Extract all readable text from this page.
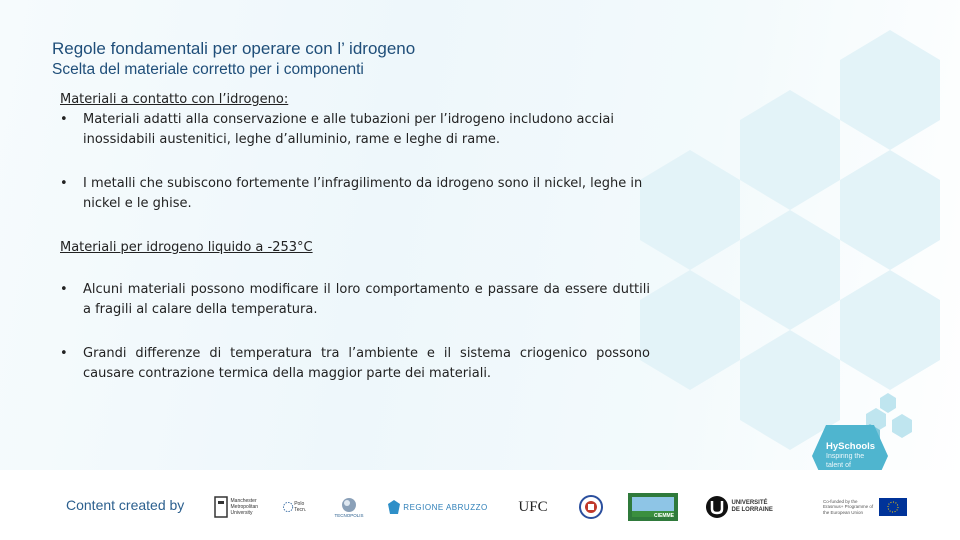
HySchools
Inspiring the talent of
Regole fondamentali per operare con l’ idrogeno
Scelta del materiale corretto per i componenti
Materiali a contatto con l’idrogeno:
• Materiali adatti alla conservazione e alle tubazioni per l’idrogeno includono acciai inossidabili austenitici, leghe d’alluminio, rame e leghe di rame.
• I metalli che subiscono fortemente l’infragilimento da idrogeno sono il nickel, leghe in nickel e le ghise.
Materiali per idrogeno liquido a -253°C
• Alcuni materiali possono modificare il loro comportamento e passare da essere duttili a fragili al calare della temperatura.
• Grandi differenze di temperatura tra l’ambiente e il sistema criogenico possono causare contrazione termica della maggior parte dei materiali.
Content created by	Manchester Metropolitan University
Polo Tecn.
TECNOPOLIS
REGIONE ABRUZZO UFC
CIEMME
UNIVERSITÉ DE LORRAINE
Co-funded by the Erasmus+ Programme of the European Union
